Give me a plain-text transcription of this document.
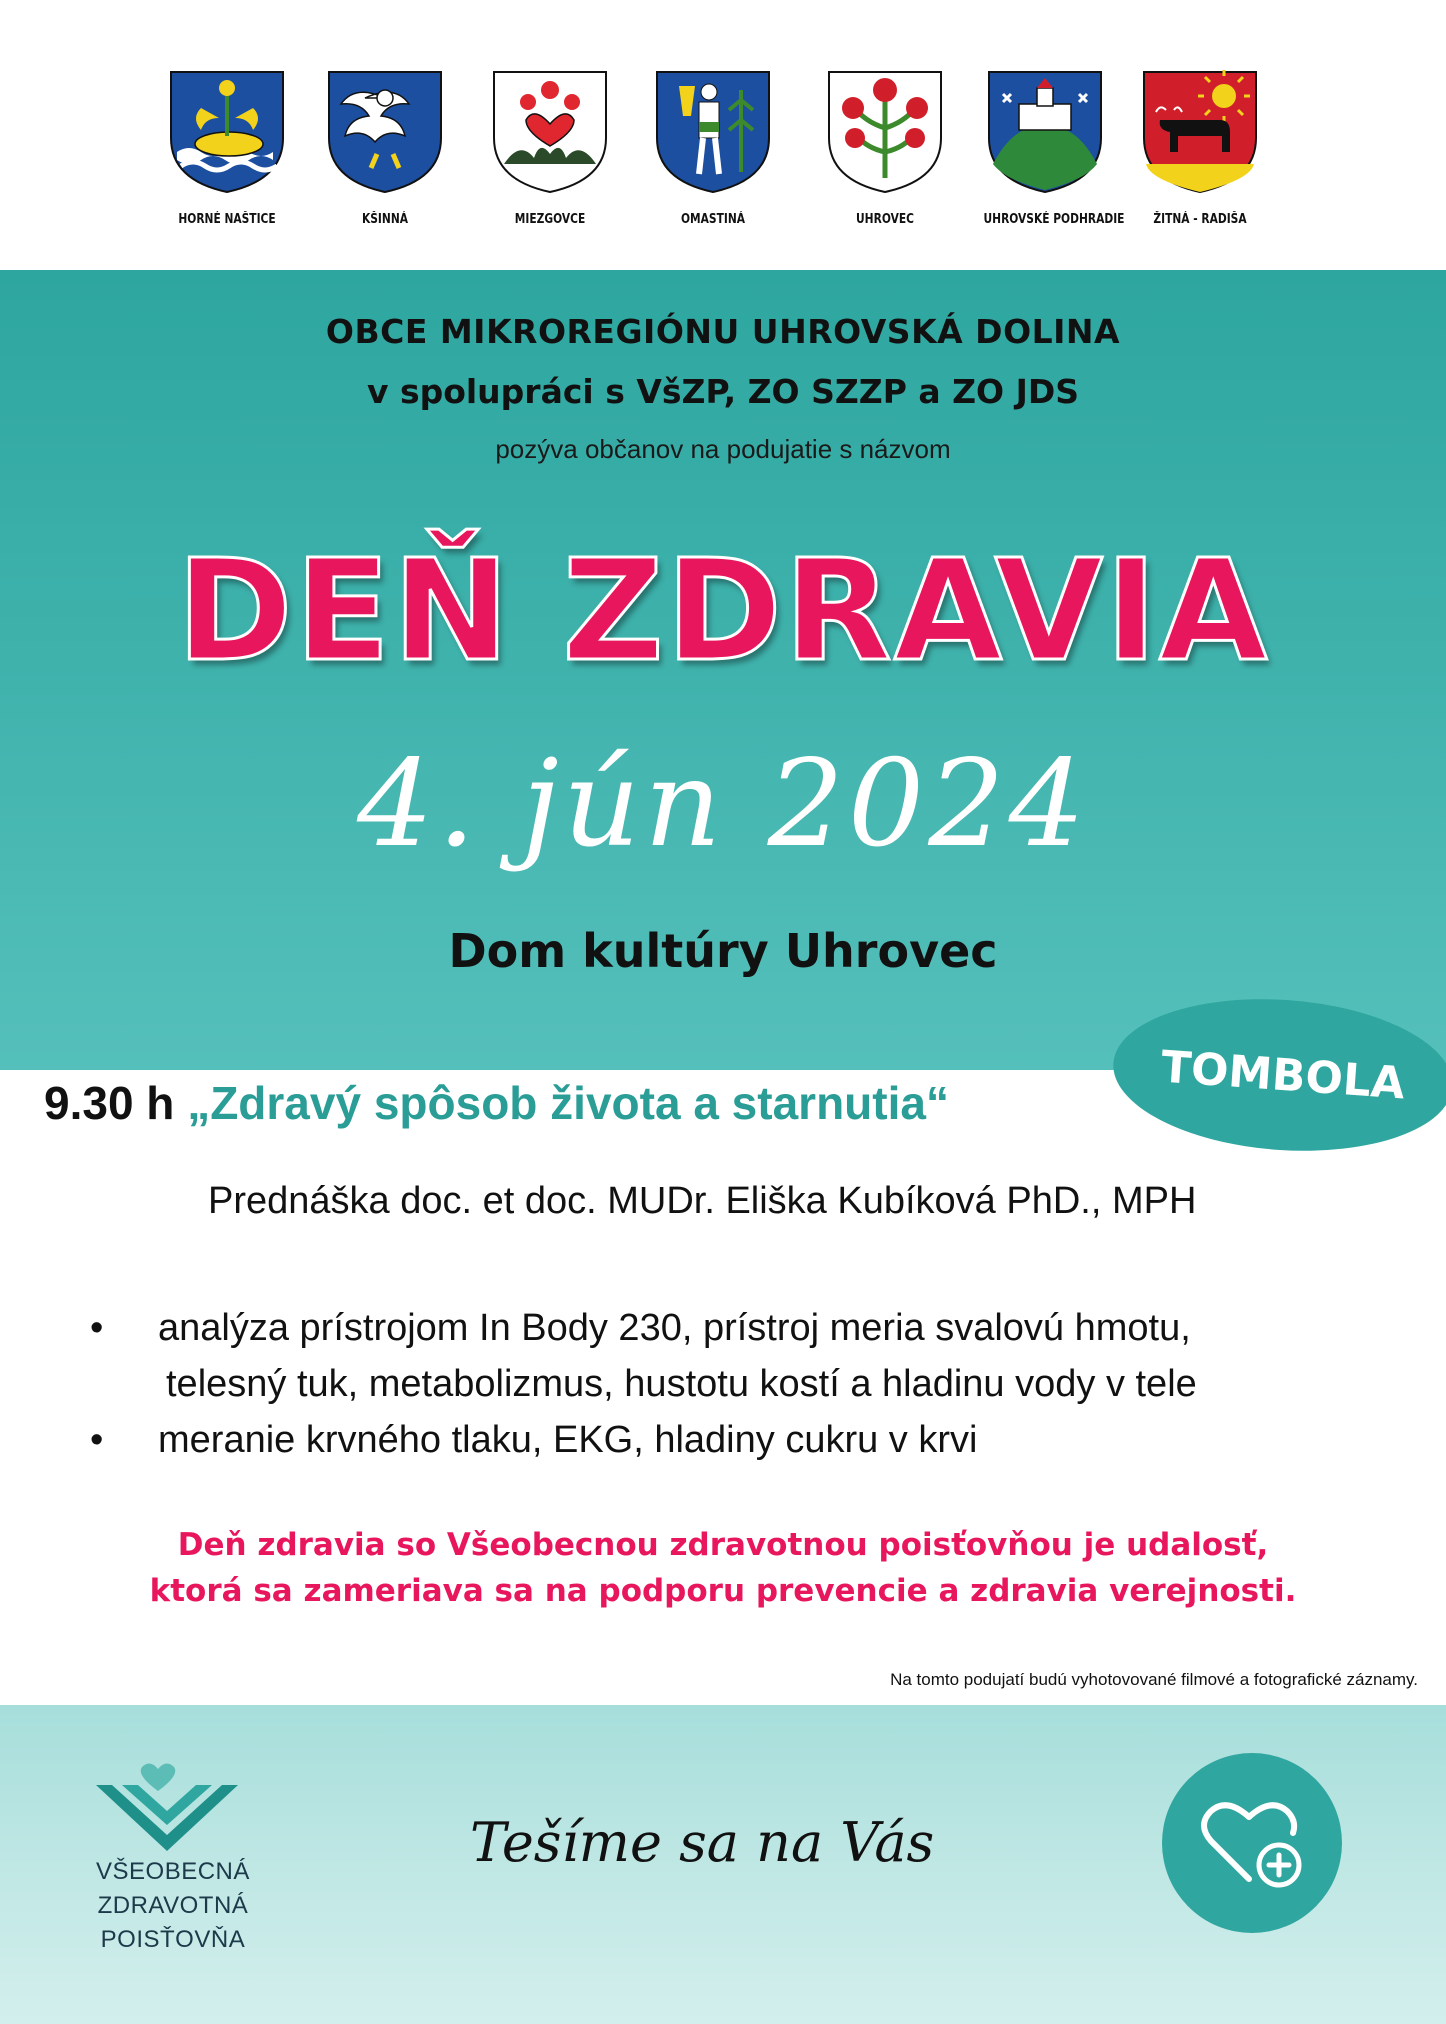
HORNÉ NAŠTICE	KŠINNÁ	MIEZGOVCE	OMASTINÁ	UHROVEC	UHROVSKÉ PODHRADIE	ŽITNÁ - RADIŠA
OBCE MIKROREGIÓNU UHROVSKÁ DOLINA
v spolupráci s VšZP, ZO SZZP a ZO JDS
pozýva občanov na podujatie s názvom
DEŇ ZDRAVIA
4. jún 2024
Dom kultúry Uhrovec
TOMBOLA
9.30 h „Zdravý spôsob života a starnutia“
Prednáška doc. et doc. MUDr. Eliška Kubíková PhD., MPH
• analýza prístrojom In Body 230, prístroj meria svalovú hmotu,
telesný tuk, metabolizmus, hustotu kostí a hladinu vody v tele
• meranie krvného tlaku, EKG, hladiny cukru v krvi
Deň zdravia so Všeobecnou zdravotnou poisťovňou je udalosť,
ktorá sa zameriava sa na podporu prevencie a zdravia verejnosti.
Na tomto podujatí budú vyhotovované filmové a fotografické záznamy.
VŠEOBECNÁ
ZDRAVOTNÁ
POISŤOVŇA
Tešíme sa na Vás
